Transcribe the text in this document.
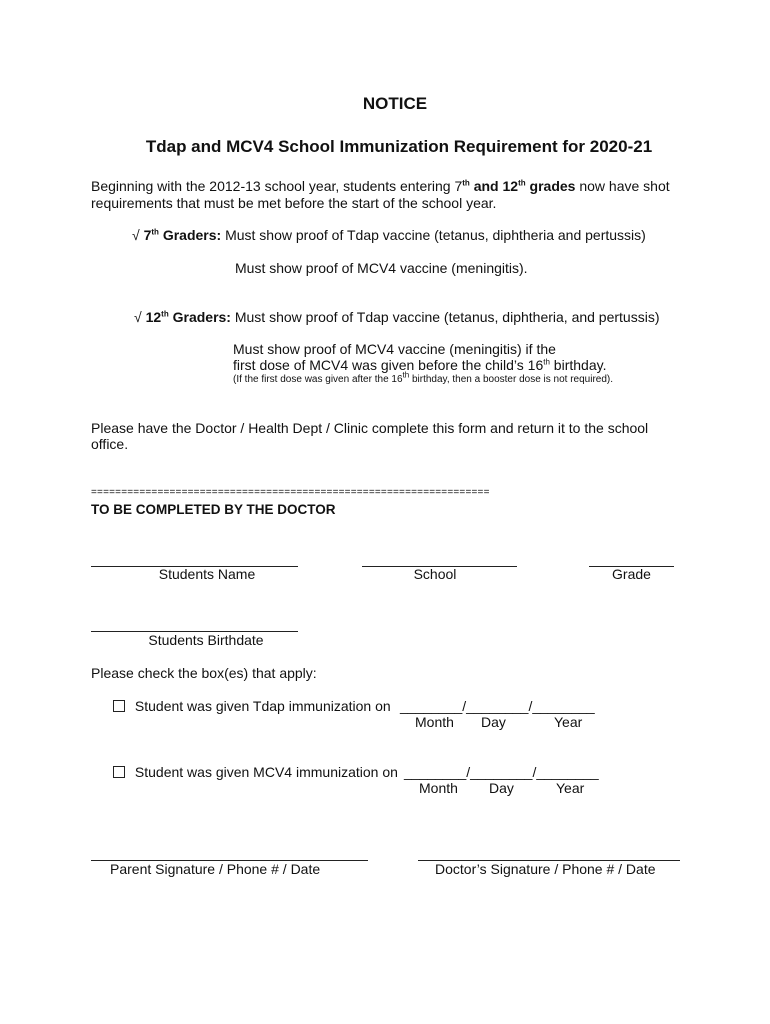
NOTICE
Tdap and MCV4 School Immunization Requirement for 2020-21
Beginning with the 2012-13 school year, students entering 7th and 12th grades now have shot
requirements that must be met before the start of the school year.
√ 7th Graders: Must show proof of Tdap vaccine (tetanus, diphtheria and pertussis)
Must show proof of MCV4 vaccine (meningitis).
√ 12th Graders: Must show proof of Tdap vaccine (tetanus, diphtheria, and pertussis)
Must show proof of MCV4 vaccine (meningitis) if the
first dose of MCV4 was given before the child’s 16th birthday.
(If the first dose was given after the 16th birthday, then a booster dose is not required).
Please have the Doctor / Health Dept / Clinic complete this form and return it to the school
office.
==================================================================
TO BE COMPLETED BY THE DOCTOR
Students Name	School	Grade
Students Birthdate
Please check the box(es) that apply:
Student was given Tdap immunization on ________/________/________
Month Day	Year
Student was given MCV4 immunization on ________/________/________
Month Day	Year
Parent Signature / Phone # / Date	Doctor’s Signature / Phone # / Date
